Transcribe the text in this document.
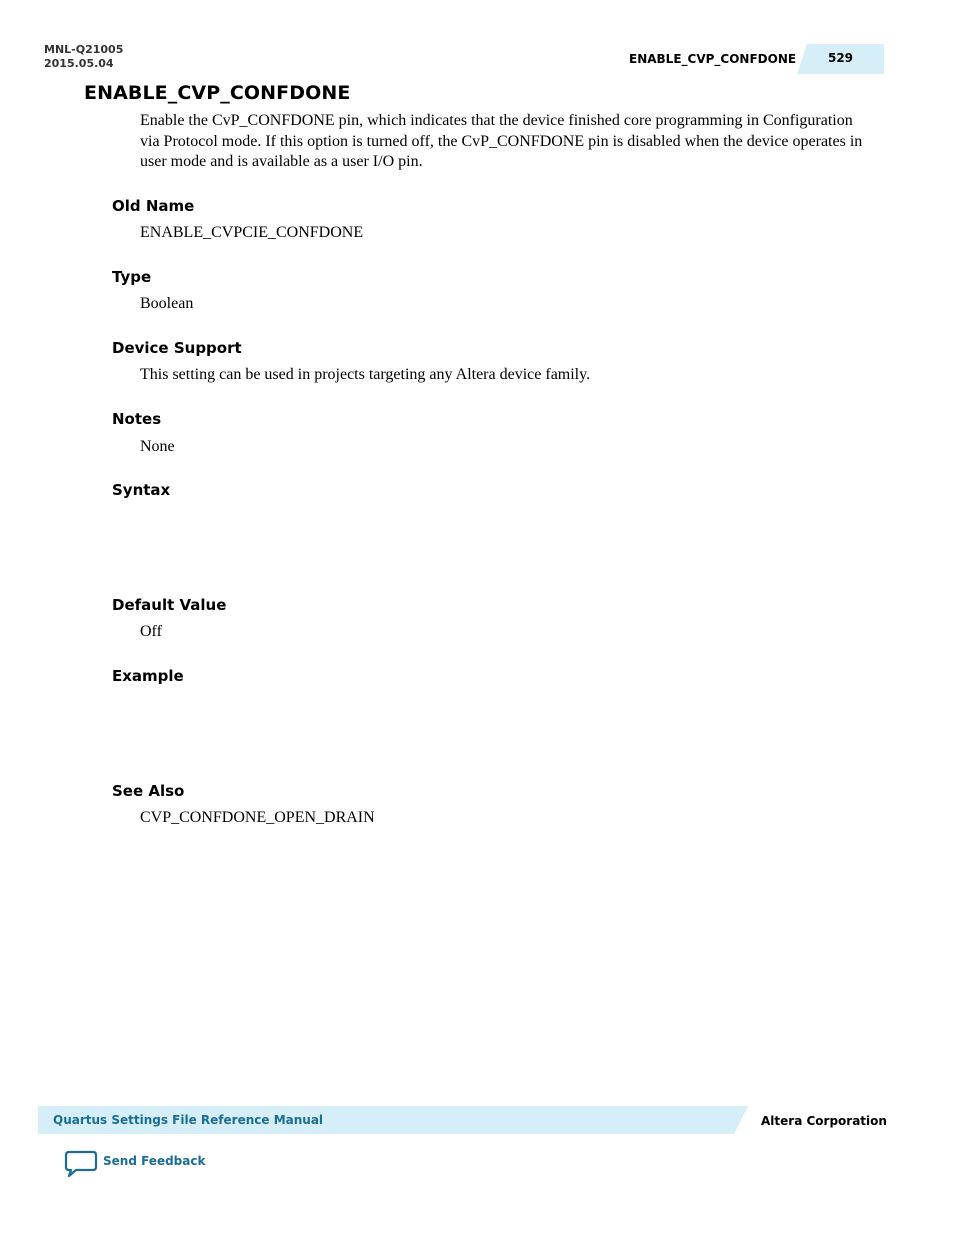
MNL-Q21005
2015.05.04	ENABLE_CVP_CONFDONE	529
ENABLE_CVP_CONFDONE
Enable the CvP_CONFDONE pin, which indicates that the device finished core programming in Configuration via Protocol mode. If this option is turned off, the CvP_CONFDONE pin is disabled when the device operates in user mode and is available as a user I/O pin.
Old Name
ENABLE_CVPCIE_CONFDONE
Type
Boolean
Device Support
This setting can be used in projects targeting any Altera device family.
Notes
None
Syntax
Default Value
Off
Example
See Also
CVP_CONFDONE_OPEN_DRAIN
Quartus Settings File Reference Manual	Altera Corporation
Send Feedback
